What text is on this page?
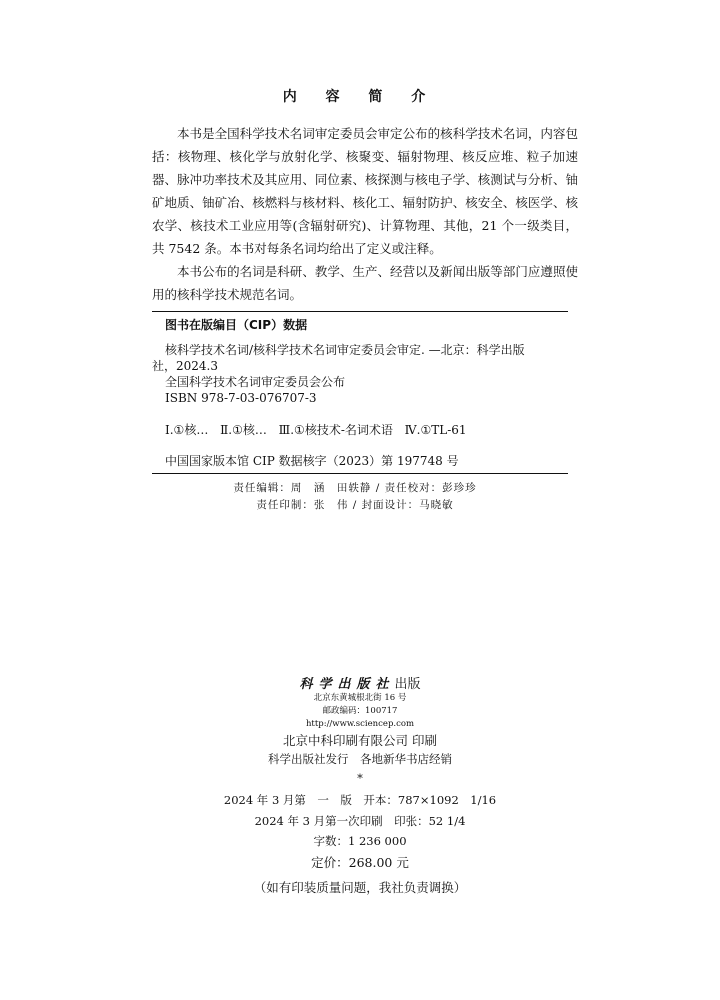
内 容 简 介

本书是全国科学技术名词审定委员会审定公布的核科学技术名词，内容包括：核物理、核化学与放射化学、核聚变、辐射物理、核反应堆、粒子加速器、脉冲功率技术及其应用、同位素、核探测与核电子学、核测试与分析、铀矿地质、铀矿冶、核燃料与核材料、核化工、辐射防护、核安全、核医学、核农学、核技术工业应用等(含辐射研究)、计算物理、其他，21 个一级类目，共 7542 条。本书对每条名词均给出了定义或注释。

本书公布的名词是科研、教学、生产、经营以及新闻出版等部门应遵照使用的核科学技术规范名词。

图书在版编目（CIP）数据

核科学技术名词/核科学技术名词审定委员会审定. —北京：科学出版

社，2024.3

全国科学技术名词审定委员会公布

ISBN 978-7-03-076707-3

Ⅰ.①核… Ⅱ.①核… Ⅲ.①核技术-名词术语 Ⅳ.①TL-61
中国国家版本馆 CIP 数据核字（2023）第 197748 号
责任编辑：周　涵　田轶静 / 责任校对：彭珍珍
责任印制：张　伟 / 封面设计：马晓敏
科学出版社出版
北京东黄城根北街 16 号
邮政编码：100717
http://www.sciencep.com
北京中科印刷有限公司 印刷
科学出版社发行　各地新华书店经销
*
2024 年 3 月第　一　版　开本：787×1092　1/16
2024 年 3 月第一次印刷　印张：52 1/4
字数：1 236 000
定价：268.00 元
（如有印装质量问题，我社负责调换）
